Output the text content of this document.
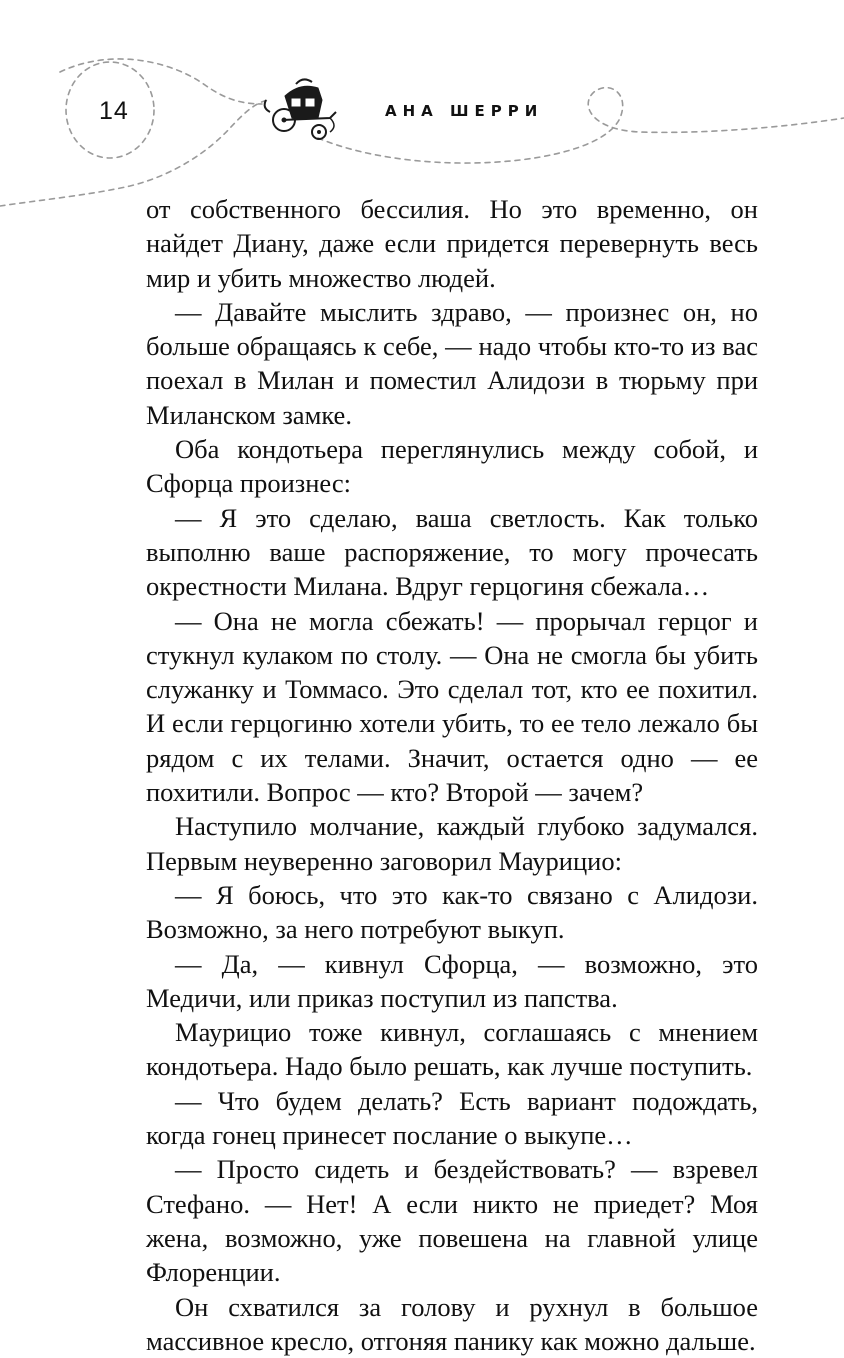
14	АНА ШЕРРИ

от собственного бессилия. Но это временно, он найдет Диану, даже если придется перевернуть весь мир и убить множество людей.

— Давайте мыслить здраво, — произнес он, но больше обращаясь к себе, — надо чтобы кто-то из вас поехал в Милан и поместил Алидози в тюрьму при Миланском замке.

Оба кондотьера переглянулись между собой, и Сфорца произнес:

— Я это сделаю, ваша светлость. Как только выполню ваше распоряжение, то могу прочесать окрестности Милана. Вдруг герцогиня сбежала…

— Она не могла сбежать! — прорычал герцог и стукнул кулаком по столу. — Она не смогла бы убить служанку и Томмасо. Это сделал тот, кто ее похитил. И если герцогиню хотели убить, то ее тело лежало бы рядом с их телами. Значит, остается одно — ее похитили. Вопрос — кто? Второй — зачем?

Наступило молчание, каждый глубоко задумался. Первым неуверенно заговорил Маурицио:

— Я боюсь, что это как-то связано с Алидози. Возможно, за него потребуют выкуп.

— Да, — кивнул Сфорца, — возможно, это Медичи, или приказ поступил из папства.

Маурицио тоже кивнул, соглашаясь с мнением кондотьера. Надо было решать, как лучше поступить.

— Что будем делать? Есть вариант подождать, когда гонец принесет послание о выкупе…

— Просто сидеть и бездействовать? — взревел Стефано. — Нет! А если никто не приедет? Моя жена, возможно, уже повешена на главной улице Флоренции.

Он схватился за голову и рухнул в большое массивное кресло, отгоняя панику как можно дальше.
